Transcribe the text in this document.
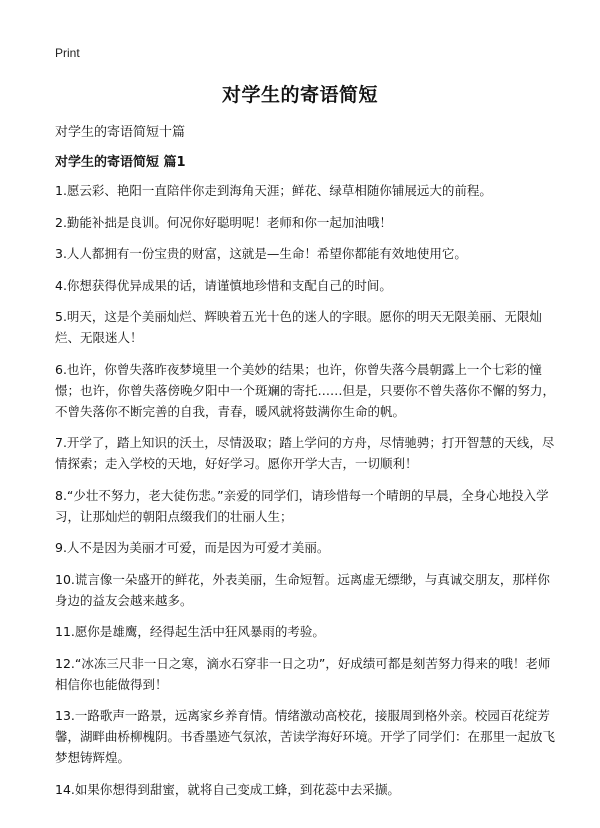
Print
对学生的寄语简短

对学生的寄语简短十篇

对学生的寄语简短 篇1

1.愿云彩、艳阳一直陪伴你走到海角天涯；鲜花、绿草相随你铺展远大的前程。
2.勤能补拙是良训。何况你好聪明呢！老师和你一起加油哦！
3.人人都拥有一份宝贵的财富，这就是—生命！希望你都能有效地使用它。
4.你想获得优异成果的话，请谨慎地珍惜和支配自己的时间。
5.明天，这是个美丽灿烂、辉映着五光十色的迷人的字眼。愿你的明天无限美丽、无限灿烂、无限迷人！
6.也许，你曾失落昨夜梦境里一个美妙的结果；也许，你曾失落今晨朝露上一个七彩的憧憬；也许，你曾失落傍晚夕阳中一个斑斓的寄托……但是，只要你不曾失落你不懈的努力，不曾失落你不断完善的自我，青春，暖风就将鼓满你生命的帆。
7.开学了，踏上知识的沃土，尽情汲取；踏上学问的方舟，尽情驰骋；打开智慧的天线，尽情探索；走入学校的天地，好好学习。愿你开学大吉，一切顺利！
8.“少壮不努力，老大徒伤悲。”亲爱的同学们，请珍惜每一个晴朗的早晨，全身心地投入学习，让那灿烂的朝阳点缀我们的壮丽人生；
9.人不是因为美丽才可爱，而是因为可爱才美丽。
10.谎言像一朵盛开的鲜花，外表美丽，生命短暂。远离虚无缥缈，与真诚交朋友，那样你身边的益友会越来越多。
11.愿你是雄鹰，经得起生活中狂风暴雨的考验。
12.“冰冻三尺非一日之寒，滴水石穿非一日之功”，好成绩可都是刻苦努力得来的哦！老师相信你也能做得到！
13.一路歌声一路景，远离家乡养育情。情绪激动高校花，接服周到格外亲。校园百花绽芳馨，湖畔曲桥柳槐阴。书香墨迹气氛浓，苦读学海好环境。开学了同学们：在那里一起放飞梦想铸辉煌。
14.如果你想得到甜蜜，就将自己变成工蜂，到花蕊中去采撷。
